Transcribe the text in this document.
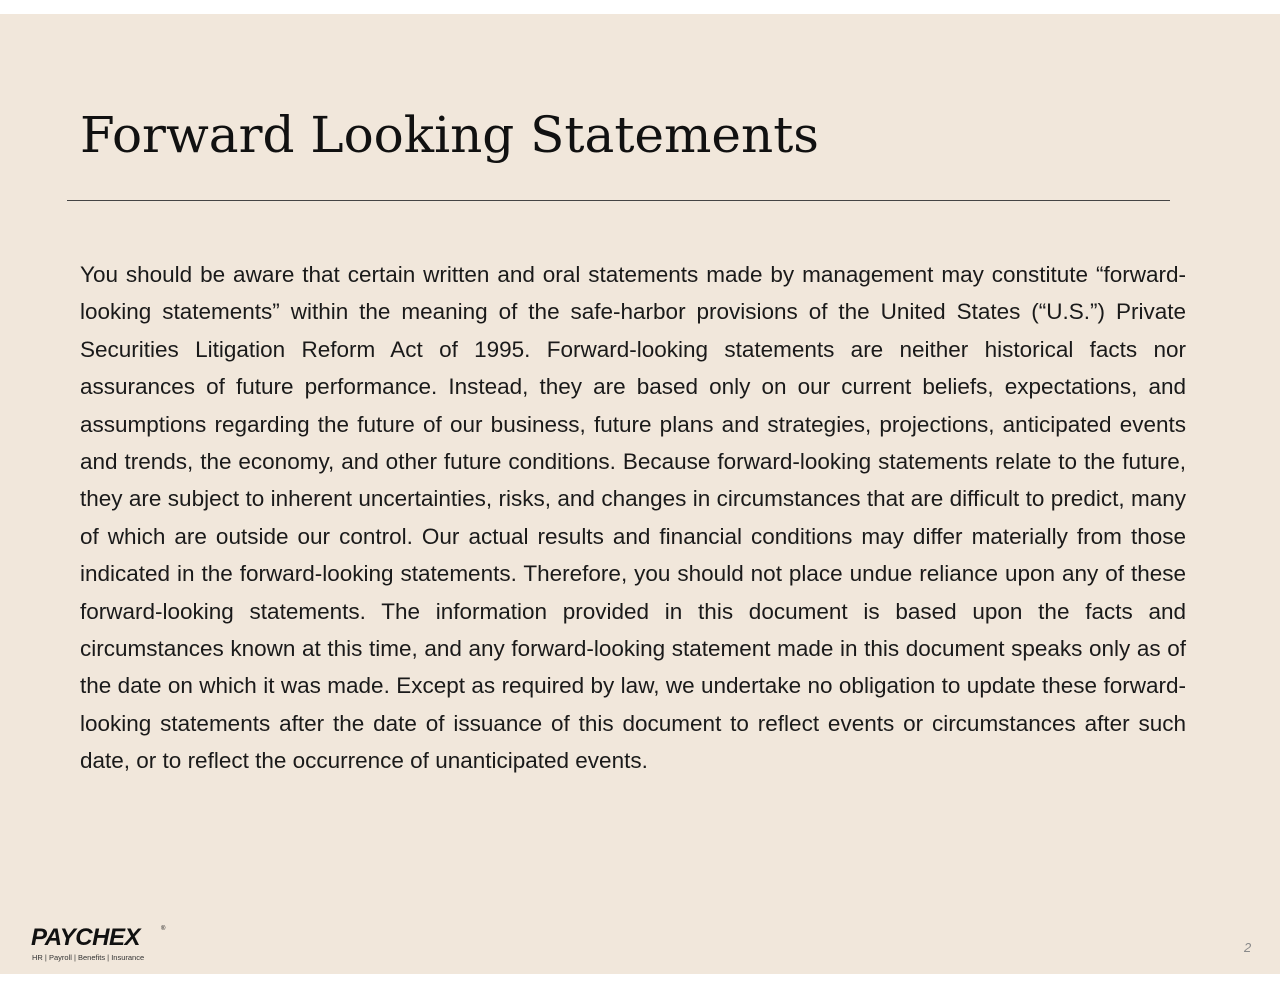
Forward Looking Statements

You should be aware that certain written and oral statements made by management may constitute “forward-looking statements” within the meaning of the safe-harbor provisions of the United States (“U.S.”) Private Securities Litigation Reform Act of 1995. Forward-looking statements are neither historical facts nor assurances of future performance. Instead, they are based only on our current beliefs, expectations, and assumptions regarding the future of our business, future plans and strategies, projections, anticipated events and trends, the economy, and other future conditions. Because forward-looking statements relate to the future, they are subject to inherent uncertainties, risks, and changes in circumstances that are difficult to predict, many of which are outside our control. Our actual results and financial conditions may differ materially from those indicated in the forward-looking statements. Therefore, you should not place undue reliance upon any of these forward-looking statements. The information provided in this document is based upon the facts and circumstances known at this time, and any forward-looking statement made in this document speaks only as of the date on which it was made. Except as required by law, we undertake no obligation to update these forward-looking statements after the date of issuance of this document to reflect events or circumstances after such date, or to reflect the occurrence of unanticipated events.

PAYCHEX	®
HR | Payroll | Benefits | Insurance
2
